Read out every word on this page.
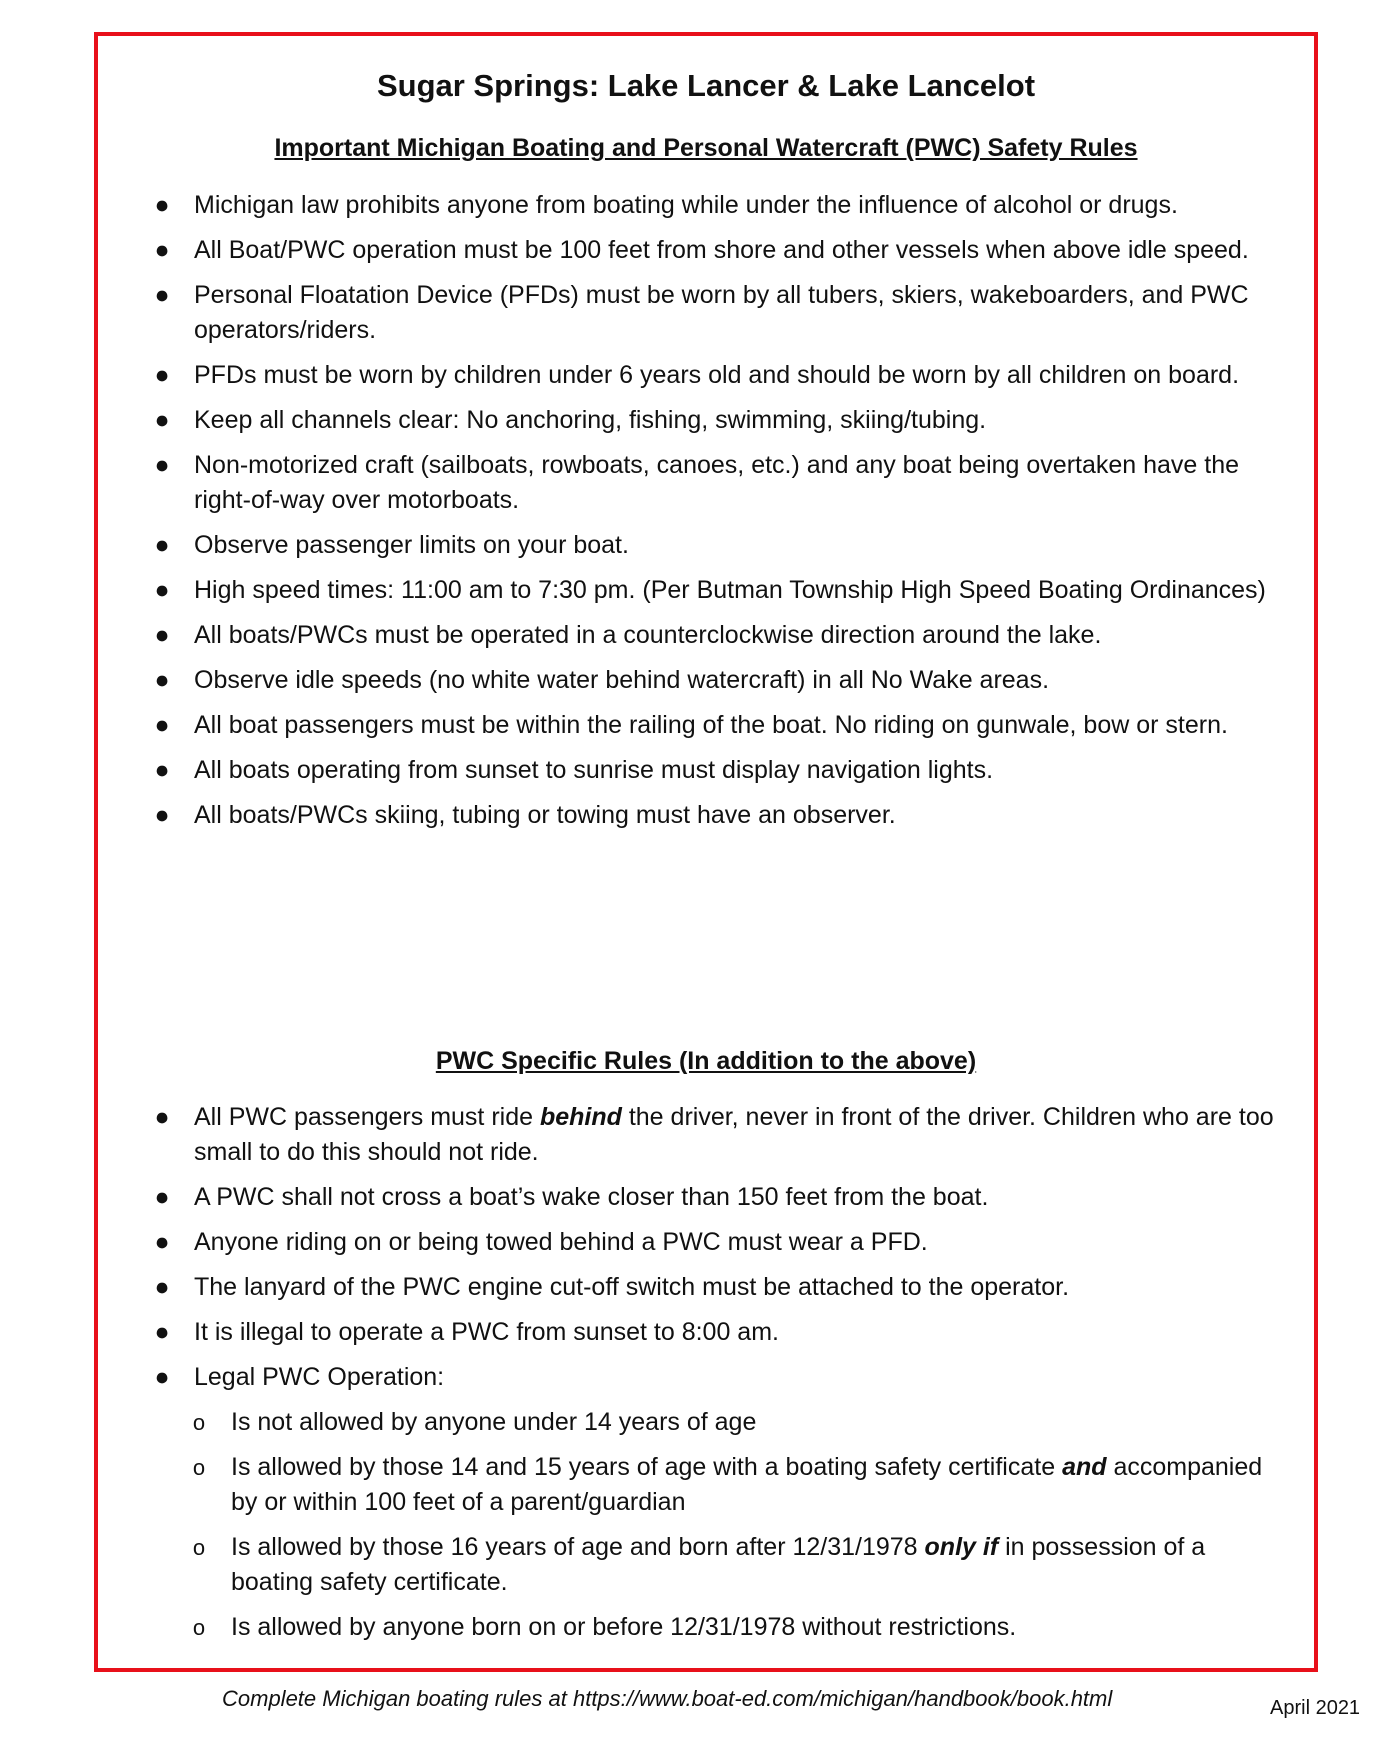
Sugar Springs: Lake Lancer & Lake Lancelot
Important Michigan Boating and Personal Watercraft (PWC) Safety Rules
● Michigan law prohibits anyone from boating while under the influence of alcohol or drugs.
● All Boat/PWC operation must be 100 feet from shore and other vessels when above idle speed.
● Personal Floatation Device (PFDs) must be worn by all tubers, skiers, wakeboarders, and PWC operators/riders.
● PFDs must be worn by children under 6 years old and should be worn by all children on board.
● Keep all channels clear: No anchoring, fishing, swimming, skiing/tubing.
● Non-motorized craft (sailboats, rowboats, canoes, etc.) and any boat being overtaken have the right-of-way over motorboats.
● Observe passenger limits on your boat.
● High speed times: 11:00 am to 7:30 pm. (Per Butman Township High Speed Boating Ordinances)
● All boats/PWCs must be operated in a counterclockwise direction around the lake.
● Observe idle speeds (no white water behind watercraft) in all No Wake areas.
● All boat passengers must be within the railing of the boat. No riding on gunwale, bow or stern.
● All boats operating from sunset to sunrise must display navigation lights.
● All boats/PWCs skiing, tubing or towing must have an observer.
PWC Specific Rules (In addition to the above)
● All PWC passengers must ride behind the driver, never in front of the driver. Children who are too small to do this should not ride.
● A PWC shall not cross a boat’s wake closer than 150 feet from the boat.
● Anyone riding on or being towed behind a PWC must wear a PFD.
● The lanyard of the PWC engine cut-off switch must be attached to the operator.
● It is illegal to operate a PWC from sunset to 8:00 am.
● Legal PWC Operation:
o Is not allowed by anyone under 14 years of age
o Is allowed by those 14 and 15 years of age with a boating safety certificate and accompanied by or within 100 feet of a parent/guardian
o Is allowed by those 16 years of age and born after 12/31/1978 only if in possession of a boating safety certificate.
o Is allowed by anyone born on or before 12/31/1978 without restrictions.
Complete Michigan boating rules at https://www.boat-ed.com/michigan/handbook/book.html	April 2021
